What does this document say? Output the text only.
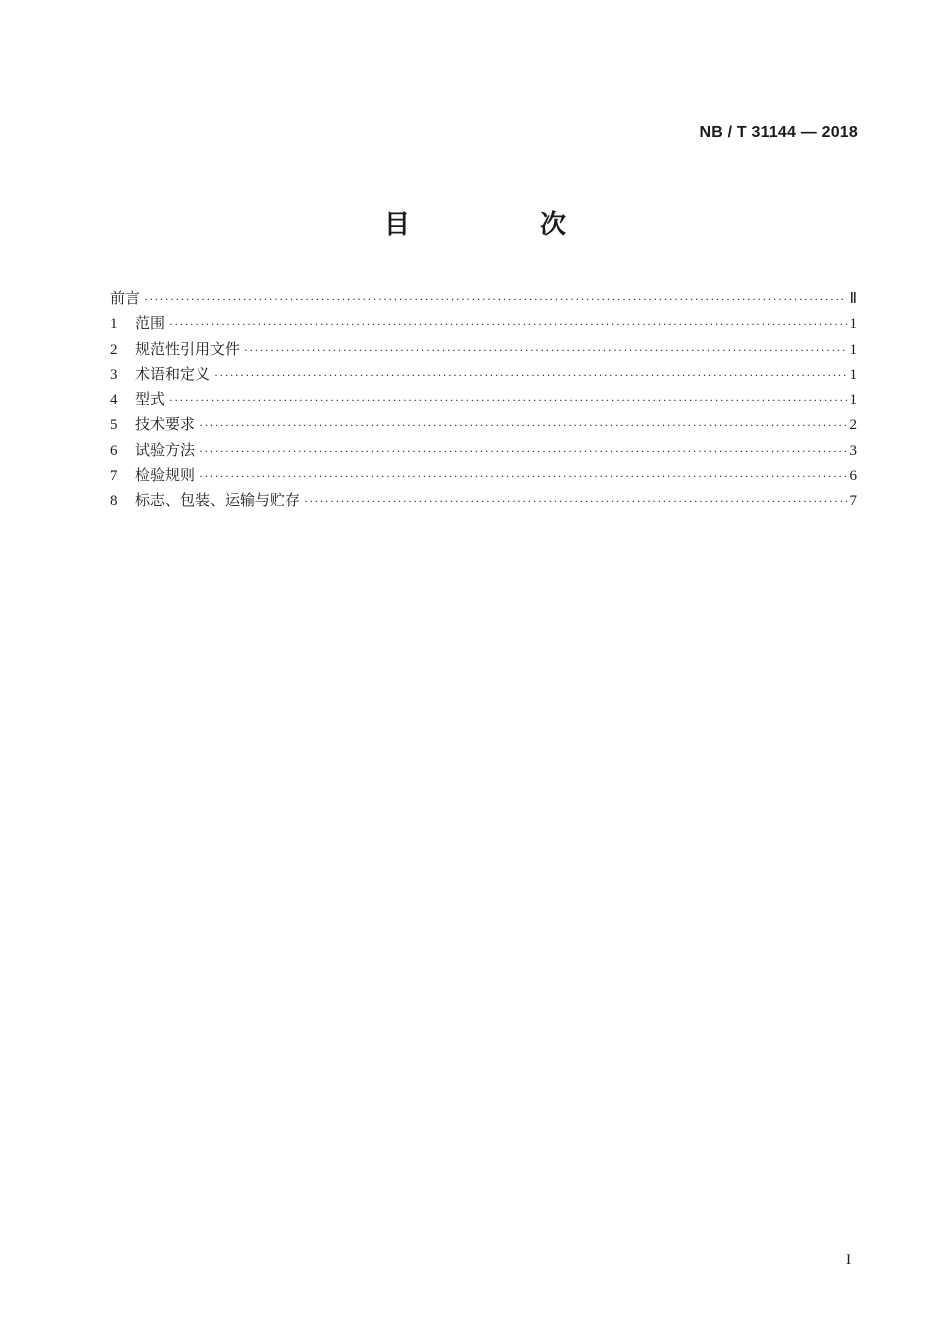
NB / T 31144 — 2018
目　次
前言 ·····	Ⅱ
1	范围 ·····	1
2	规范性引用文件 ·····	1
3	术语和定义 ·····	1
4	型式 ·····	1
5	技术要求 ·····	2
6	试验方法 ·····	3
7	检验规则 ·····	6
8	标志、包装、运输与贮存 ·····	7
I
